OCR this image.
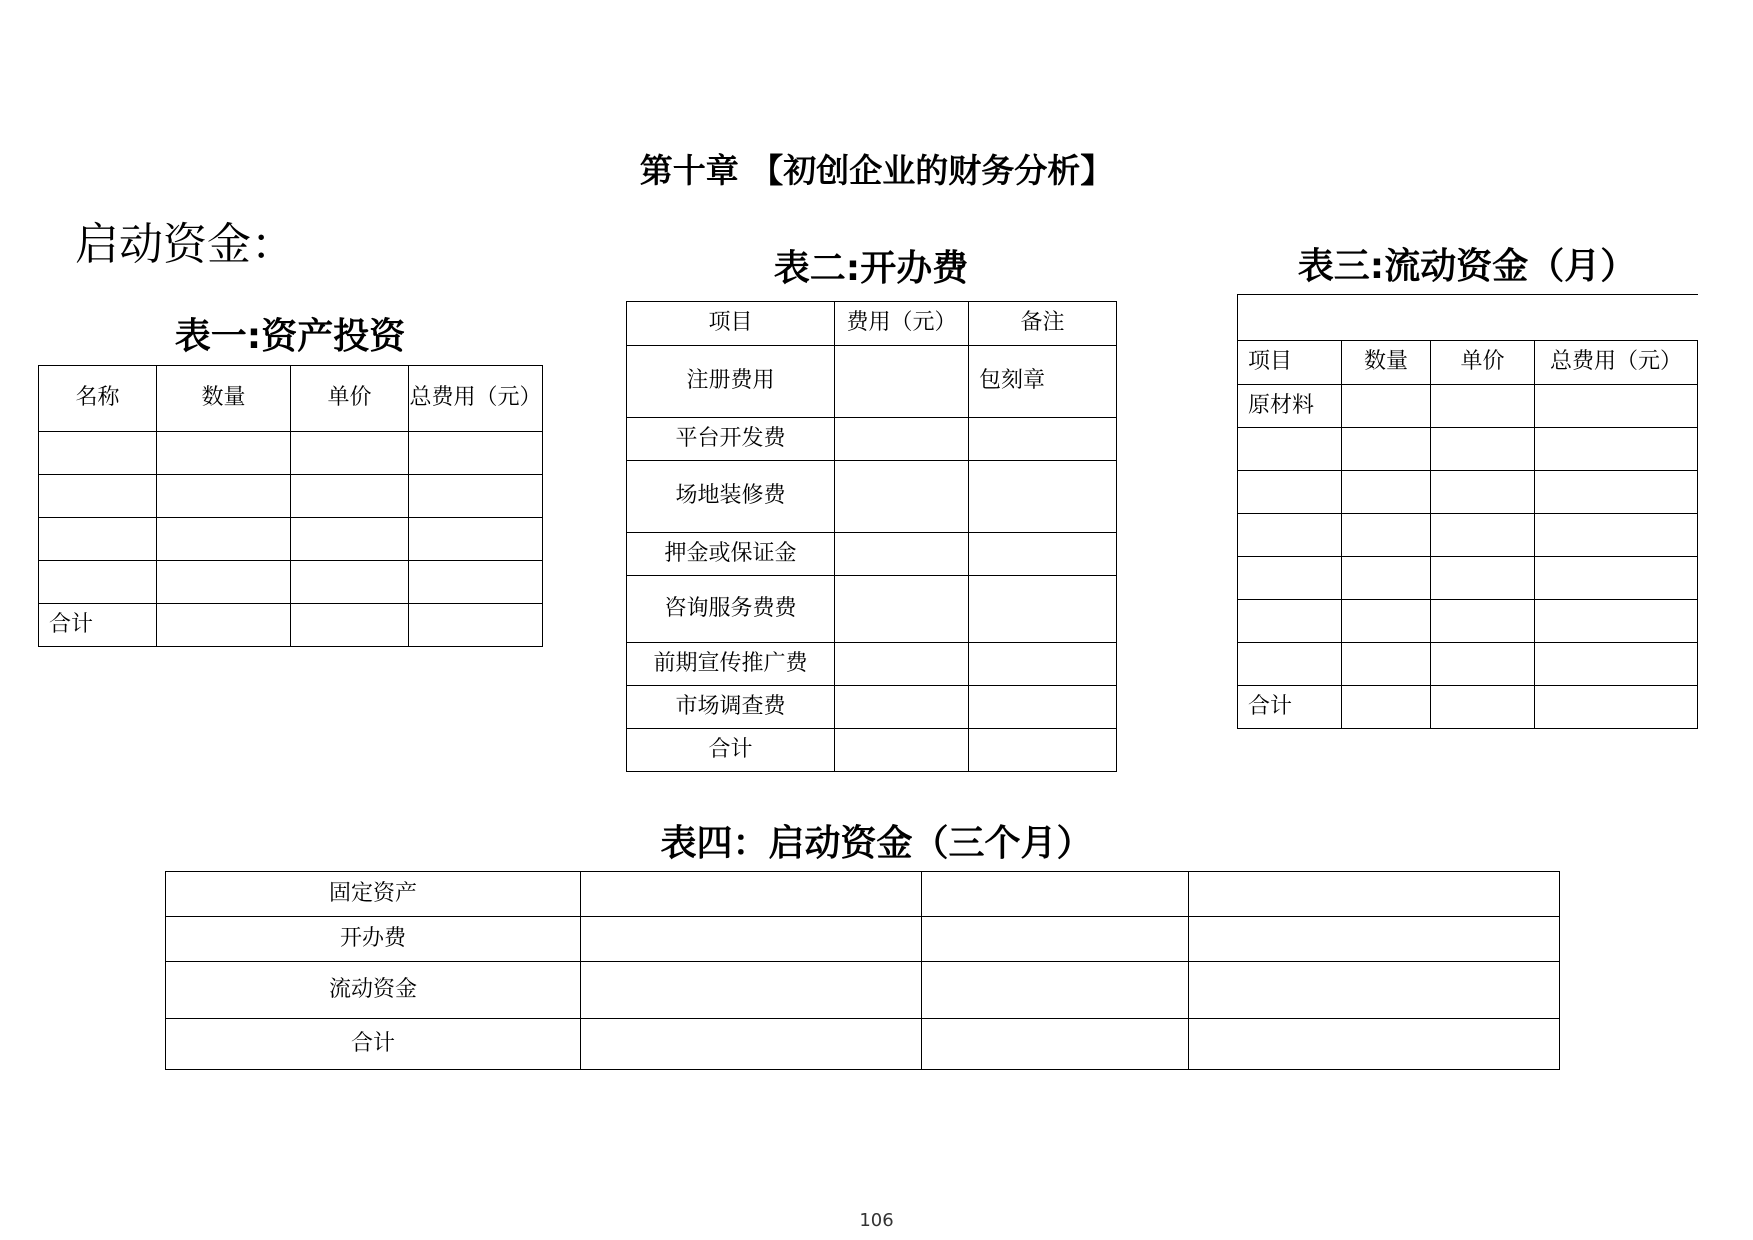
第十章 【初创企业的财务分析】
启动资金：
表一:资产投资
名称	数量	单价	总费用（元）

合计			
表二:开办费
项目	费用（元）	备注
注册费用		包刻章
平台开发费		
场地装修费		
押金或保证金		
咨询服务费费		
前期宣传推广费		
市场调查费		
合计		
表三:流动资金（月）
项目	数量	单价	总费用（元）
原材料			

合计			
表四：启动资金（三个月）
固定资产			
开办费			
流动资金			
合计			
106
